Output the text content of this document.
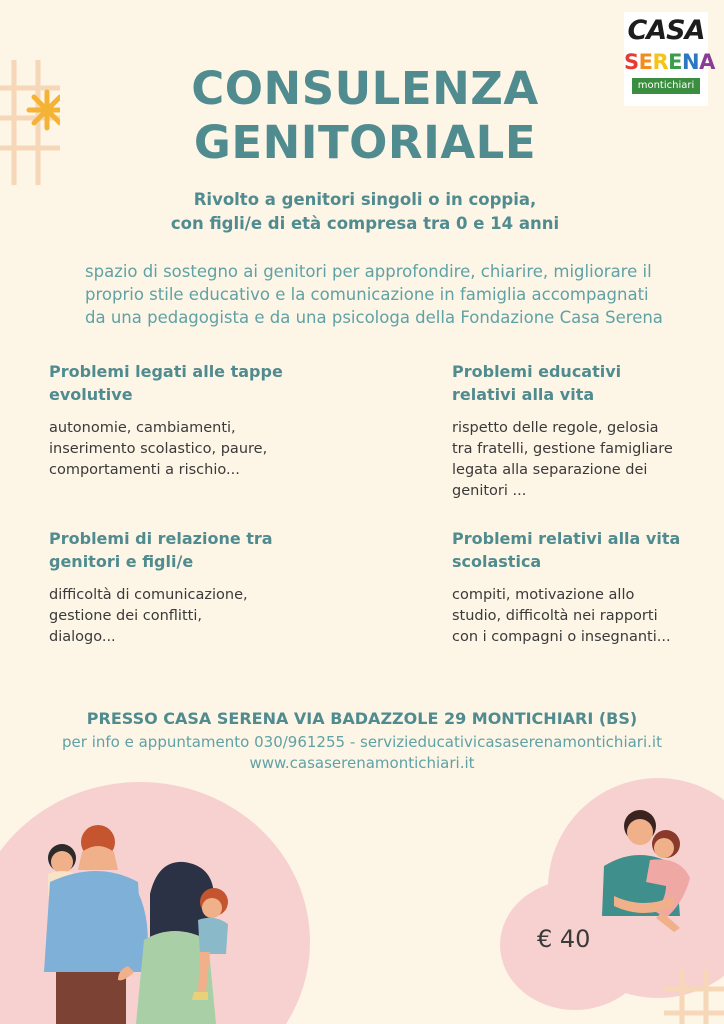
CASA
SERENA
montichiari
CONSULENZA
GENITORIALE
Rivolto a genitori singoli o in coppia,
con figli/e di età compresa tra 0 e 14 anni
spazio di sostegno ai genitori per approfondire, chiarire, migliorare il
proprio stile educativo e la comunicazione in famiglia accompagnati
da una pedagogista e da una psicologa della Fondazione Casa Serena
Problemi legati alle tappe
evolutive
autonomie, cambiamenti,
inserimento scolastico, paure,
comportamenti a rischio...
Problemi educativi
relativi alla vita
rispetto delle regole, gelosia
tra fratelli, gestione famigliare
legata alla separazione dei
genitori ...
Problemi di relazione tra
genitori e figli/e
difficoltà di comunicazione,
gestione dei conflitti,
dialogo...
Problemi relativi alla vita
scolastica
compiti, motivazione allo
studio, difficoltà nei rapporti
con i compagni o insegnanti...
PRESSO CASA SERENA VIA BADAZZOLE 29 MONTICHIARI (BS)
per info e appuntamento 030/961255 - servizieducativicasaserenamontichiari.it
www.casaserenamontichiari.it
€ 40
